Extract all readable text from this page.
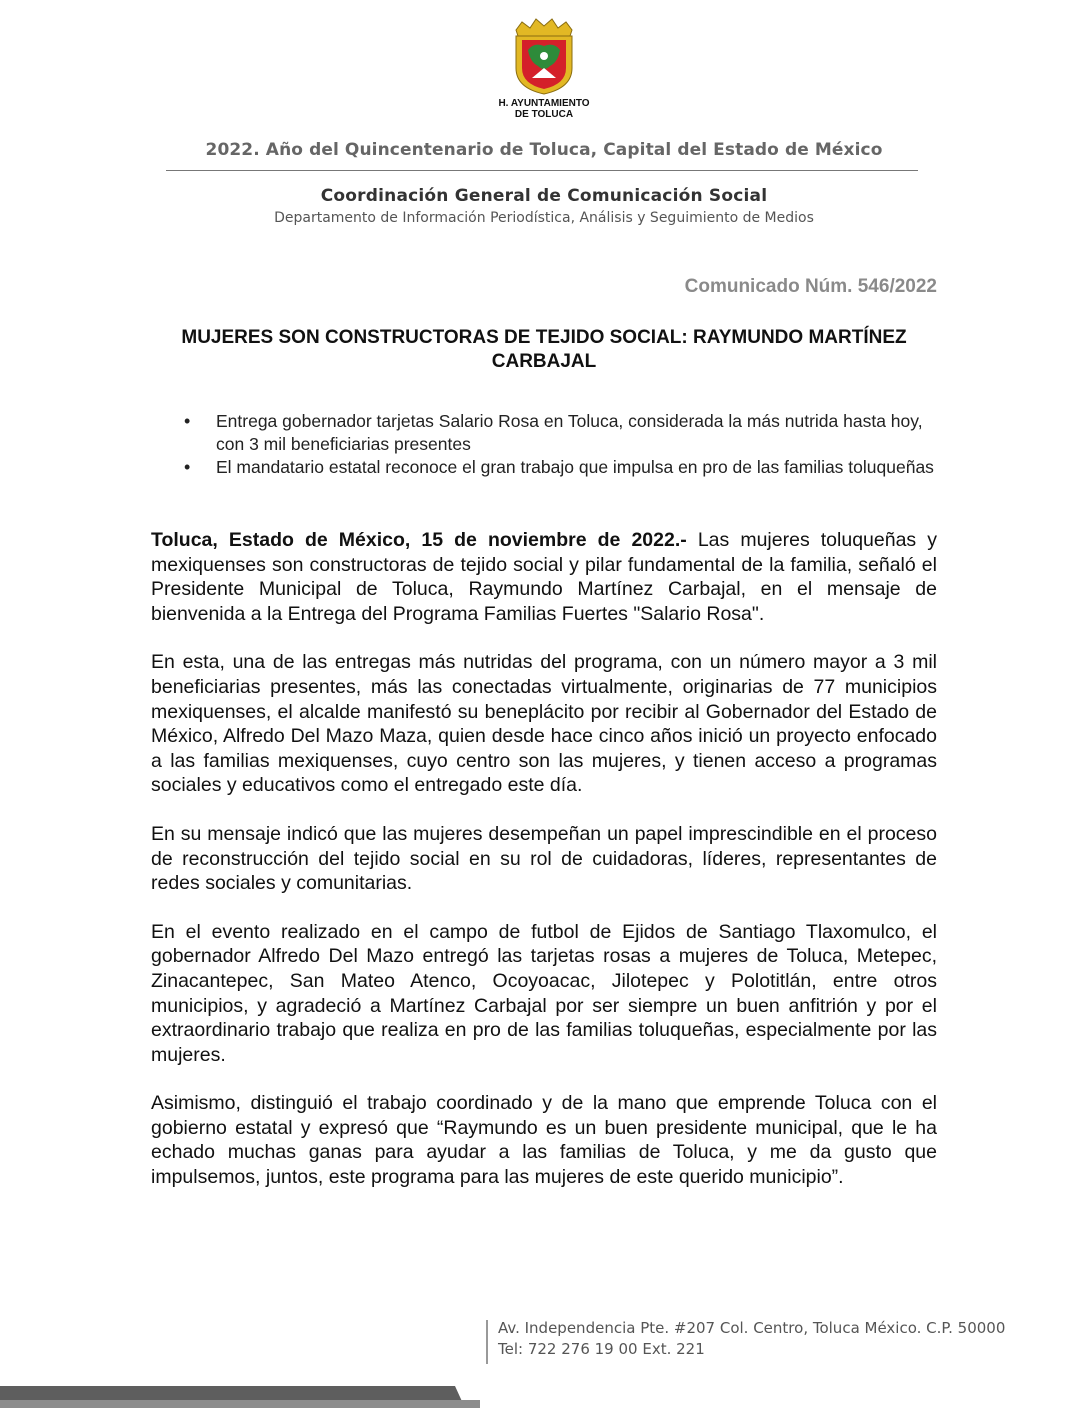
H. AYUNTAMIENTO
DE TOLUCA
2022. Año del Quincentenario de Toluca, Capital del Estado de México
Coordinación General de Comunicación Social
Departamento de Información Periodística, Análisis y Seguimiento de Medios
Comunicado Núm. 546/2022
MUJERES SON CONSTRUCTORAS DE TEJIDO SOCIAL: RAYMUNDO MARTÍNEZ CARBAJAL
• Entrega gobernador tarjetas Salario Rosa en Toluca, considerada la más nutrida hasta hoy, con 3 mil beneficiarias presentes
• El mandatario estatal reconoce el gran trabajo que impulsa en pro de las familias toluqueñas

Toluca, Estado de México, 15 de noviembre de 2022.- Las mujeres toluqueñas y mexiquenses son constructoras de tejido social y pilar fundamental de la familia, señaló el Presidente Municipal de Toluca, Raymundo Martínez Carbajal, en el mensaje de bienvenida a la Entrega del Programa Familias Fuertes "Salario Rosa".

En esta, una de las entregas más nutridas del programa, con un número mayor a 3 mil beneficiarias presentes, más las conectadas virtualmente, originarias de 77 municipios mexiquenses, el alcalde manifestó su beneplácito por recibir al Gobernador del Estado de México, Alfredo Del Mazo Maza, quien desde hace cinco años inició un proyecto enfocado a las familias mexiquenses, cuyo centro son las mujeres, y tienen acceso a programas sociales y educativos como el entregado este día.

En su mensaje indicó que las mujeres desempeñan un papel imprescindible en el proceso de reconstrucción del tejido social en su rol de cuidadoras, líderes, representantes de redes sociales y comunitarias.

En el evento realizado en el campo de futbol de Ejidos de Santiago Tlaxomulco, el gobernador Alfredo Del Mazo entregó las tarjetas rosas a mujeres de Toluca, Metepec, Zinacantepec, San Mateo Atenco, Ocoyoacac, Jilotepec y Polotitlán, entre otros municipios, y agradeció a Martínez Carbajal por ser siempre un buen anfitrión y por el extraordinario trabajo que realiza en pro de las familias toluqueñas, especialmente por las mujeres.

Asimismo, distinguió el trabajo coordinado y de la mano que emprende Toluca con el gobierno estatal y expresó que “Raymundo es un buen presidente municipal, que le ha echado muchas ganas para ayudar a las familias de Toluca, y me da gusto que impulsemos, juntos, este programa para las mujeres de este querido municipio”.

Av. Independencia Pte. #207 Col. Centro, Toluca México. C.P. 50000
Tel: 722 276 19 00 Ext. 221
